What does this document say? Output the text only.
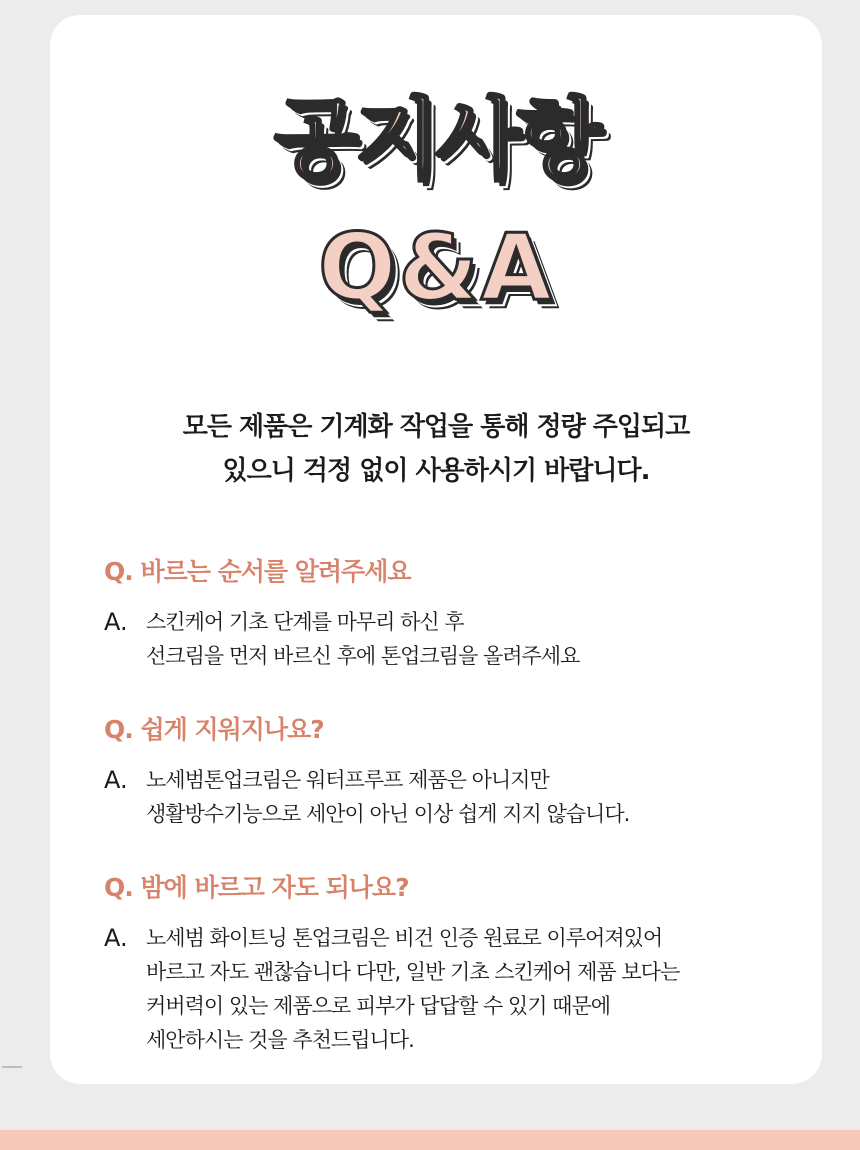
공지사항
Q&A
모든 제품은 기계화 작업을 통해 정량 주입되고
있으니 걱정 없이 사용하시기 바랍니다.
Q. 바르는 순서를 알려주세요
A. 스킨케어 기초 단계를 마무리 하신 후
선크림을 먼저 바르신 후에 톤업크림을 올려주세요
Q. 쉽게 지워지나요?
A. 노세범톤업크림은 워터프루프 제품은 아니지만
생활방수기능으로 세안이 아닌 이상 쉽게 지지 않습니다.
Q. 밤에 바르고 자도 되나요?
A. 노세범 화이트닝 톤업크림은 비건 인증 원료로 이루어져있어
바르고 자도 괜찮습니다 다만, 일반 기초 스킨케어 제품 보다는
커버력이 있는 제품으로 피부가 답답할 수 있기 때문에
세안하시는 것을 추천드립니다.
